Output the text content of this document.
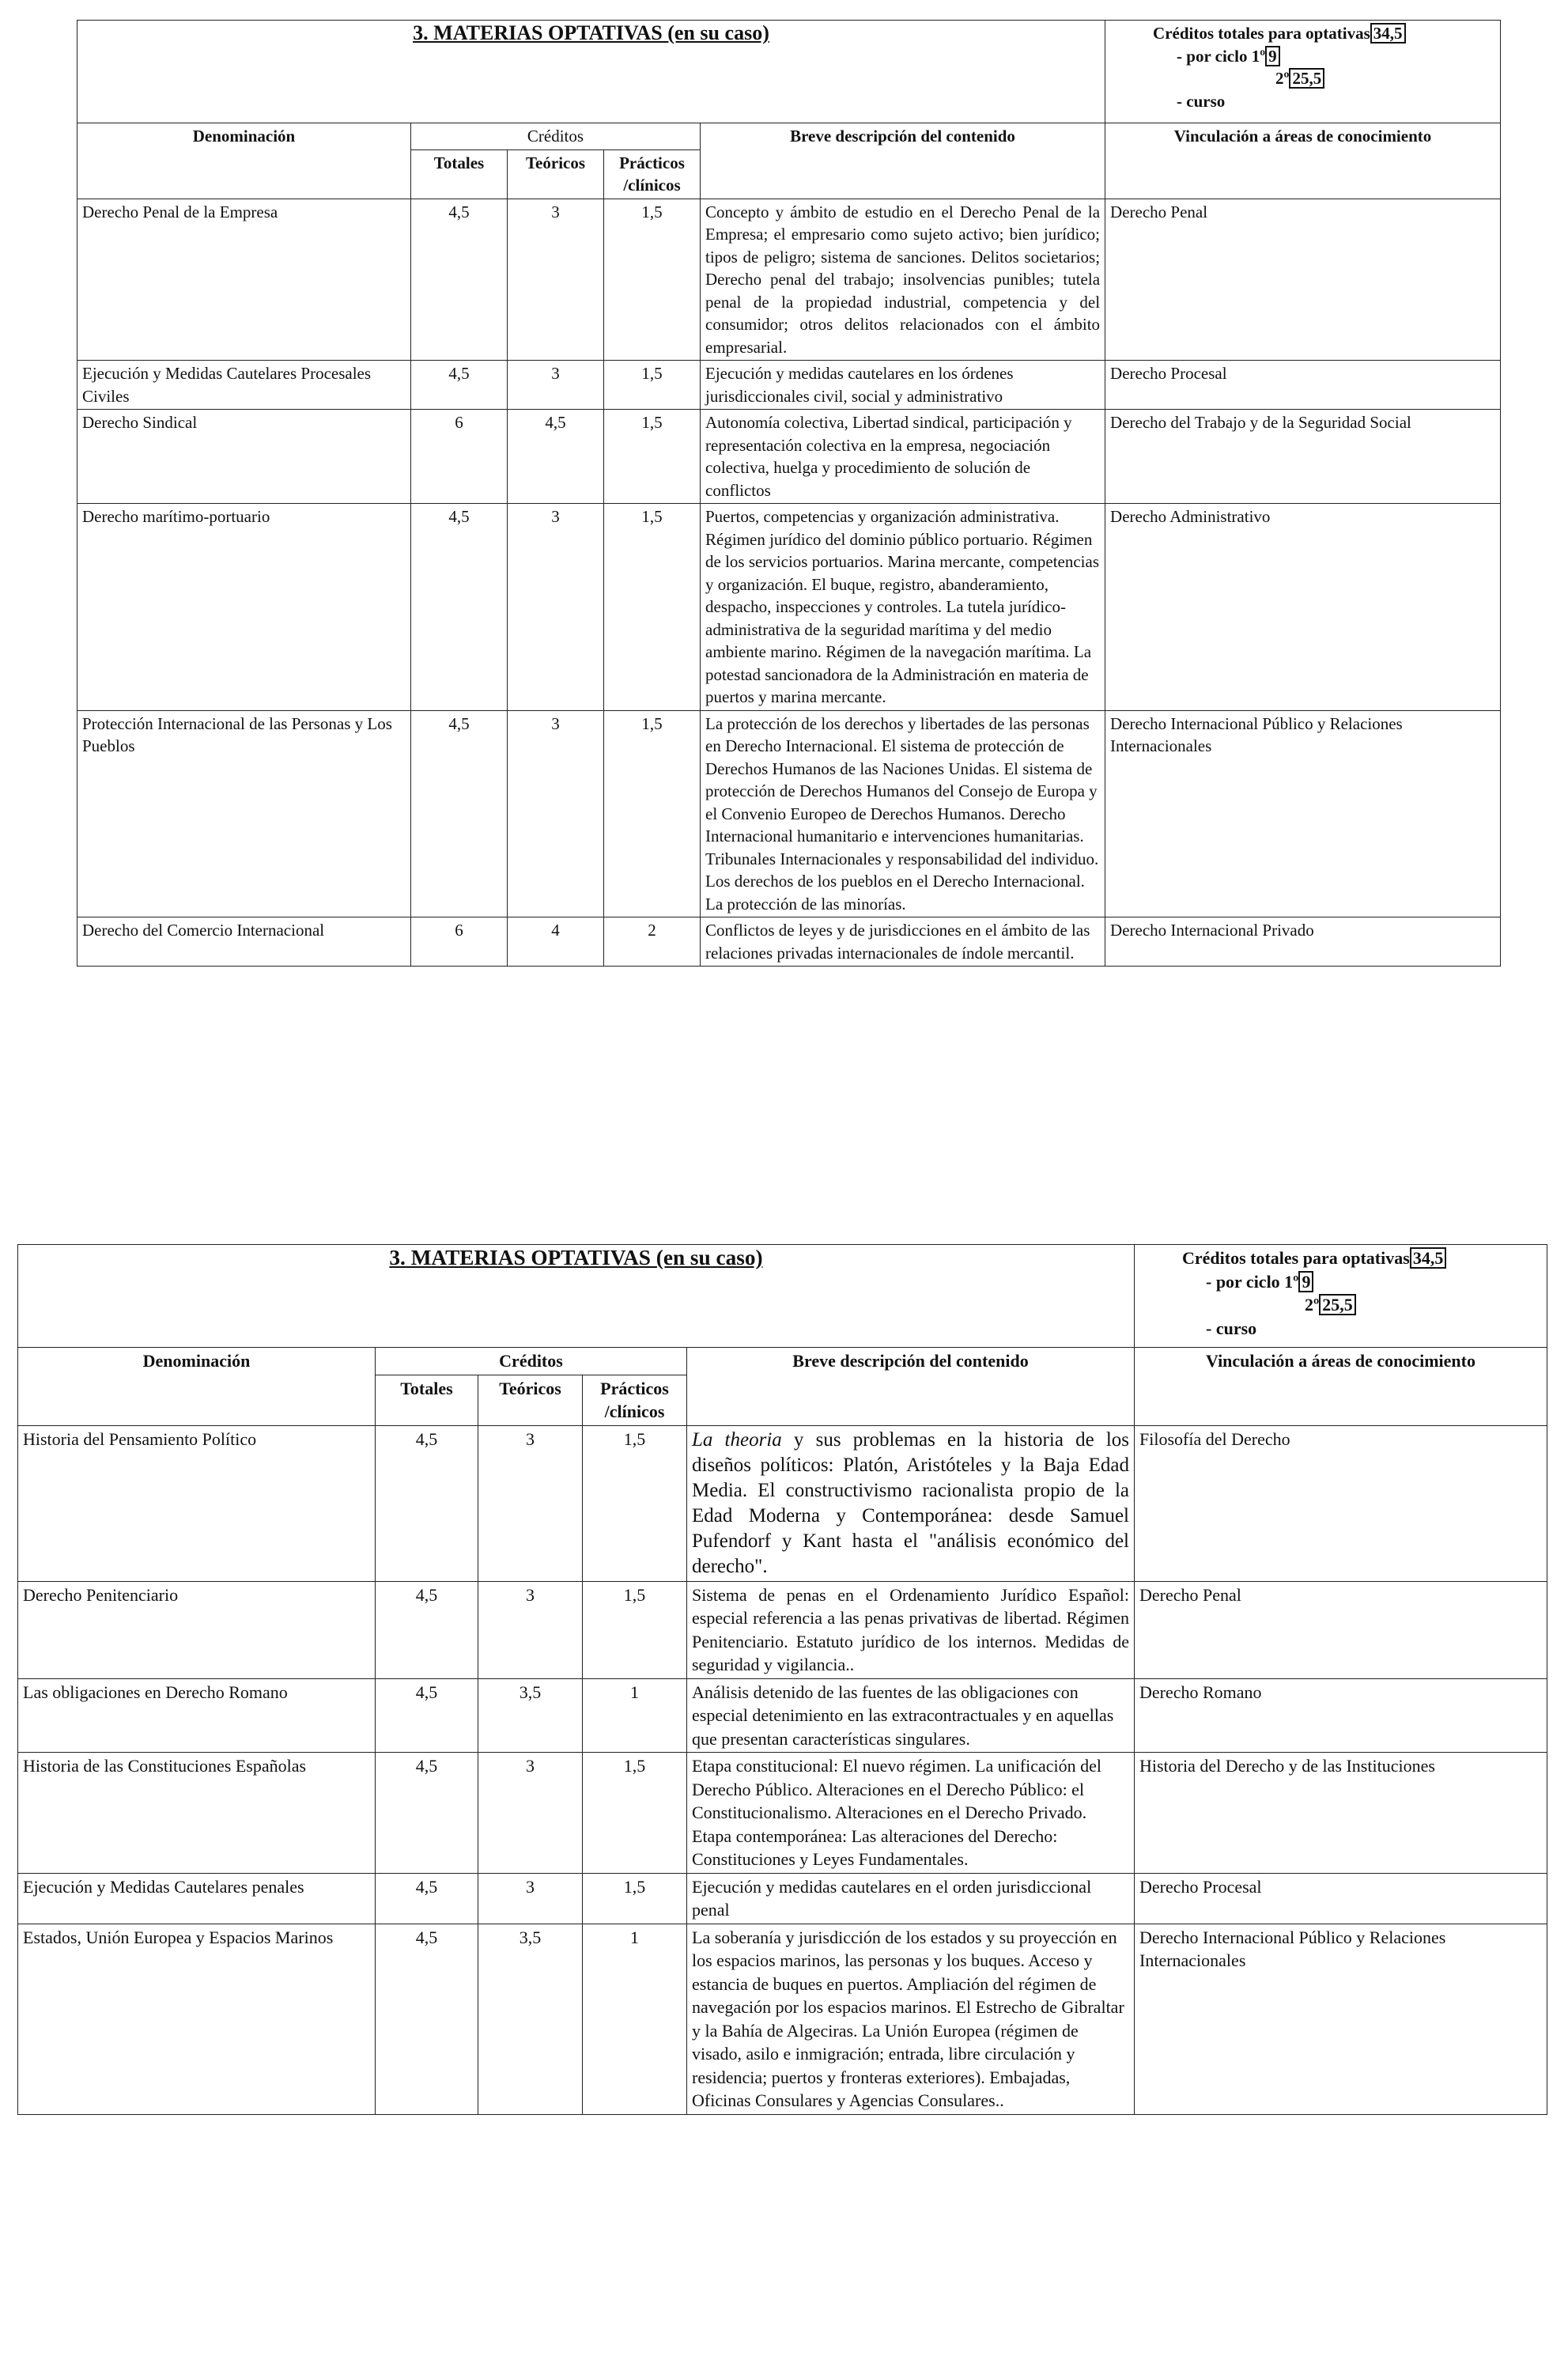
3. MATERIAS OPTATIVAS (en su caso)					Créditos totales para optativas 34,5
- por ciclo 1º 9
2º 25,5
- curso

Denominación	Créditos			Breve descripción del contenido	Vinculación a áreas de conocimiento
	Totales	Teóricos	Prácticos /clínicos		
Derecho Penal de la Empresa	4,5	3	1,5	Concepto y ámbito de estudio en el Derecho Penal de la Empresa; el empresario como sujeto activo; bien jurídico; tipos de peligro; sistema de sanciones. Delitos societarios; Derecho penal del trabajo; insolvencias punibles; tutela penal de la propiedad industrial, competencia y del consumidor; otros delitos relacionados con el ámbito empresarial.	Derecho Penal
Ejecución y Medidas Cautelares Procesales Civiles	4,5	3	1,5	Ejecución y medidas cautelares en los órdenes jurisdiccionales civil, social y administrativo	Derecho Procesal
Derecho Sindical	6	4,5	1,5	Autonomía colectiva, Libertad sindical, participación y representación colectiva en la empresa, negociación colectiva, huelga y procedimiento de solución de conflictos	Derecho del Trabajo y de la Seguridad Social
Derecho marítimo-portuario	4,5	3	1,5	Puertos, competencias y organización administrativa. Régimen jurídico del dominio público portuario. Régimen de los servicios portuarios. Marina mercante, competencias y organización. El buque, registro, abanderamiento, despacho, inspecciones y controles. La tutela jurídico-administrativa de la seguridad marítima y del medio ambiente marino. Régimen de la navegación marítima. La potestad sancionadora de la Administración en materia de puertos y marina mercante.	Derecho Administrativo
Protección Internacional de las Personas y Los Pueblos	4,5	3	1,5	La protección de los derechos y libertades de las personas en Derecho Internacional. El sistema de protección de Derechos Humanos de las Naciones Unidas. El sistema de protección de Derechos Humanos del Consejo de Europa y el Convenio Europeo de Derechos Humanos. Derecho Internacional humanitario e intervenciones humanitarias. Tribunales Internacionales y responsabilidad del individuo. Los derechos de los pueblos en el Derecho Internacional. La protección de las minorías.	Derecho Internacional Público y Relaciones Internacionales
Derecho del Comercio Internacional	6	4	2	Conflictos de leyes y de jurisdicciones en el ámbito de las relaciones privadas internacionales de índole mercantil.	Derecho Internacional Privado
3. MATERIAS OPTATIVAS (en su caso)					Créditos totales para optativas 34,5
- por ciclo 1º 9
2º 25,5
- curso

Denominación	Créditos			Breve descripción del contenido	Vinculación a áreas de conocimiento
	Totales	Teóricos	Prácticos /clínicos		
Historia del Pensamiento Político	4,5	3	1,5	La theoria y sus problemas en la historia de los diseños políticos: Platón, Aristóteles y la Baja Edad Media. El constructivismo racionalista propio de la Edad Moderna y Contemporánea: desde Samuel Pufendorf y Kant hasta el "análisis económico del derecho".	Filosofía del Derecho
Derecho Penitenciario	4,5	3	1,5	Sistema de penas en el Ordenamiento Jurídico Español: especial referencia a las penas privativas de libertad. Régimen Penitenciario. Estatuto jurídico de los internos. Medidas de seguridad y vigilancia..	Derecho Penal
Las obligaciones en Derecho Romano	4,5	3,5	1	Análisis detenido de las fuentes de las obligaciones con especial detenimiento en las extracontractuales y en aquellas que presentan características singulares.	Derecho Romano
Historia de las Constituciones Españolas	4,5	3	1,5	Etapa constitucional: El nuevo régimen. La unificación del Derecho Público. Alteraciones en el Derecho Público: el Constitucionalismo. Alteraciones en el Derecho Privado.
Etapa contemporánea: Las alteraciones del Derecho: Constituciones y Leyes Fundamentales.	Historia del Derecho y de las Instituciones
Ejecución y Medidas Cautelares penales	4,5	3	1,5	Ejecución y medidas cautelares en el orden jurisdiccional penal	Derecho Procesal
Estados, Unión Europea y Espacios Marinos	4,5	3,5	1	La soberanía y jurisdicción de los estados y su proyección en los espacios marinos, las personas y los buques. Acceso y estancia de buques en puertos. Ampliación del régimen de navegación por los espacios marinos. El Estrecho de Gibraltar y la Bahía de Algeciras. La Unión Europea (régimen de visado, asilo e inmigración; entrada, libre circulación y residencia; puertos y fronteras exteriores). Embajadas, Oficinas Consulares y Agencias Consulares..	Derecho Internacional Público y Relaciones Internacionales
